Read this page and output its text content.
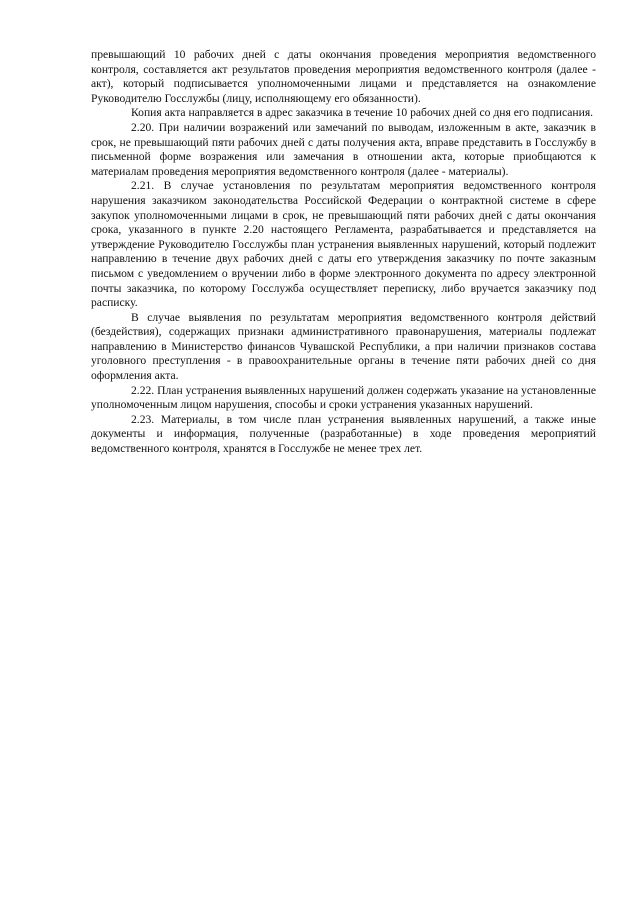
превышающий 10 рабочих дней с даты окончания проведения мероприятия ведомственного контроля, составляется акт результатов проведения мероприятия ведомственного контроля (далее - акт), который подписывается уполномоченными лицами и представляется на ознакомление Руководителю Госслужбы (лицу, исполняющему его обязанности).

Копия акта направляется в адрес заказчика в течение 10 рабочих дней со дня его подписания.

2.20. При наличии возражений или замечаний по выводам, изложенным в акте, заказчик в срок, не превышающий пяти рабочих дней с даты получения акта, вправе представить в Госслужбу в письменной форме возражения или замечания в отношении акта, которые приобщаются к материалам проведения мероприятия ведомственного контроля (далее - материалы).

2.21. В случае установления по результатам мероприятия ведомственного контроля нарушения заказчиком законодательства Российской Федерации о контрактной системе в сфере закупок уполномоченными лицами в срок, не превышающий пяти рабочих дней с даты окончания срока, указанного в пункте 2.20 настоящего Регламента, разрабатывается и представляется на утверждение Руководителю Госслужбы план устранения выявленных нарушений, который подлежит направлению в течение двух рабочих дней с даты его утверждения заказчику по почте заказным письмом с уведомлением о вручении либо в форме электронного документа по адресу электронной почты заказчика, по которому Госслужба осуществляет переписку, либо вручается заказчику под расписку.

В случае выявления по результатам мероприятия ведомственного контроля действий (бездействия), содержащих признаки административного правонарушения, материалы подлежат направлению в Министерство финансов Чувашской Республики, а при наличии признаков состава уголовного преступления - в правоохранительные органы в течение пяти рабочих дней со дня оформления акта.

2.22. План устранения выявленных нарушений должен содержать указание на установленные уполномоченным лицом нарушения, способы и сроки устранения указанных нарушений.

2.23. Материалы, в том числе план устранения выявленных нарушений, а также иные документы и информация, полученные (разработанные) в ходе проведения мероприятий ведомственного контроля, хранятся в Госслужбе не менее трех лет.
